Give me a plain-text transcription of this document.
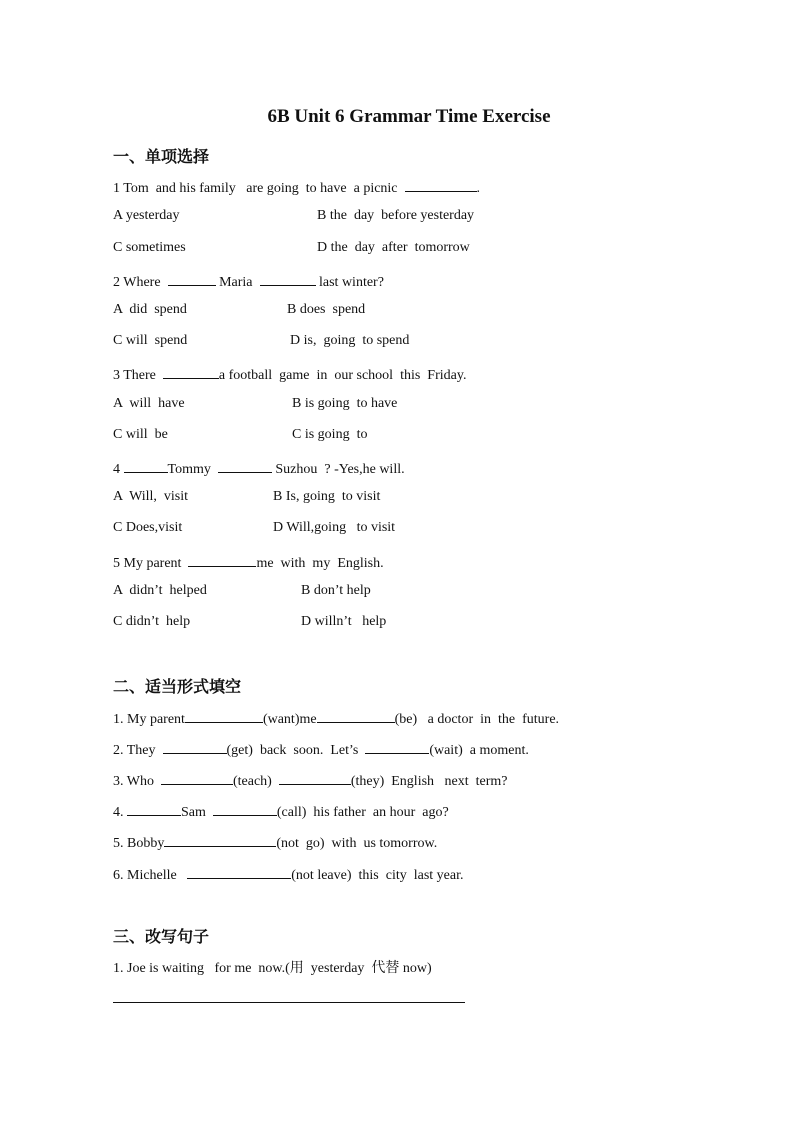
6B Unit 6 Grammar Time Exercise
一、单项选择
1 Tom  and his family   are going  to have  a picnic	.
A yesterday	B the  day  before yesterday
C sometimes	D the  day  after  tomorrow
2 Where	Maria	last winter?
A  did  spend	B does  spend
C will  spend	D is,  going  to spend
3 There	a football  game  in  our school  this  Friday.
A  will  have	B is going  to have
C will  be	C is going  to
4	Tommy	Suzhou  ? -Yes,he will.
A  Will,  visit	B Is, going  to visit
C Does,visit	D Will,going   to visit
5 My parent	me  with  my  English.
A  didn’t  helped	B don’t help
C didn’t  help	D willn’t   help
二、适当形式填空
1. My parent	(want)me	(be)   a doctor  in  the  future.
2. They	(get)  back  soon.  Let’s	(wait)  a moment.
3. Who	(teach)	(they)  English   next  term?
4.	Sam	(call)  his father  an hour  ago?
5. Bobby	(not  go)  with  us tomorrow.
6. Michelle	(not leave)  this  city  last year.
三、改写句子
1. Joe is waiting   for me  now.(用  yesterday  代替 now)
